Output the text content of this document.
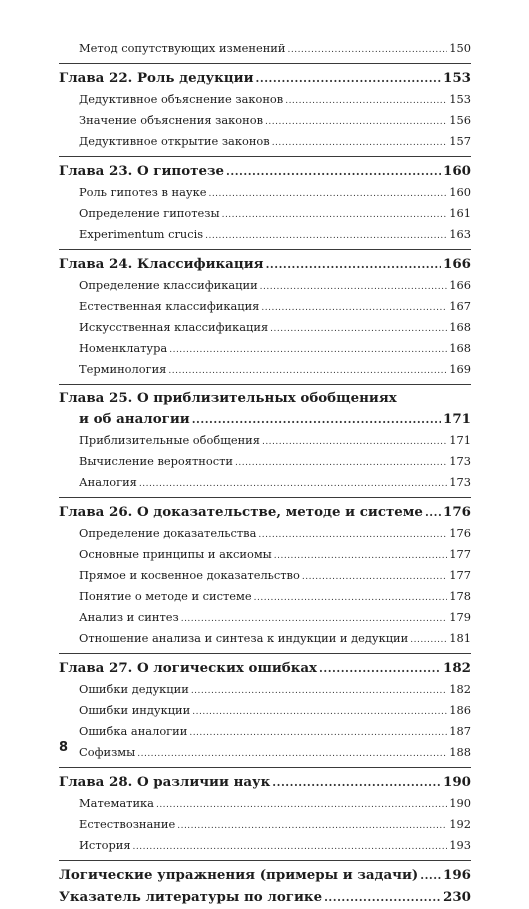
Метод сопутствующих изменений .....	150
Глава 22. Роль дедукции .....	153
Дедуктивное объяснение законов .....	153
Значение объяснения законов .....	156
Дедуктивное открытие законов .....	157
Глава 23. О гипотезе .....	160
Роль гипотез в науке .....	160
Определение гипотезы .....	161
Experimentum crucis .....	163
Глава 24. Классификация .....	166
Определение классификации .....	166
Естественная классификация .....	167
Искусственная классификация .....	168
Номенклатура .....	168
Терминология .....	169
Глава 25. О приблизительных обобщениях
и об аналогии .....	171
Приблизительные обобщения .....	171
Вычисление вероятности .....	173
Аналогия .....	173
Глава 26. О доказательстве, методе и системе ..... 176
Определение доказательства .....	176
Основные принципы и аксиомы .....	177
Прямое и косвенное доказательство .....	177
Понятие о методе и системе .....	178
Анализ и синтез .....	179
Отношение анализа и синтеза к индукции и дедукции .....	181
Глава 27. О логических ошибках .....	182
Ошибки дедукции .....	182
Ошибки индукции .....	186
Ошибка аналогии .....	187
Софизмы .....	188
Глава 28. О различии наук .....	190
Математика .....	190
Естествознание .....	192
История .....	193
Логические упражнения (примеры и задачи) ..... 196
Указатель литературы по логике .....	230
8
